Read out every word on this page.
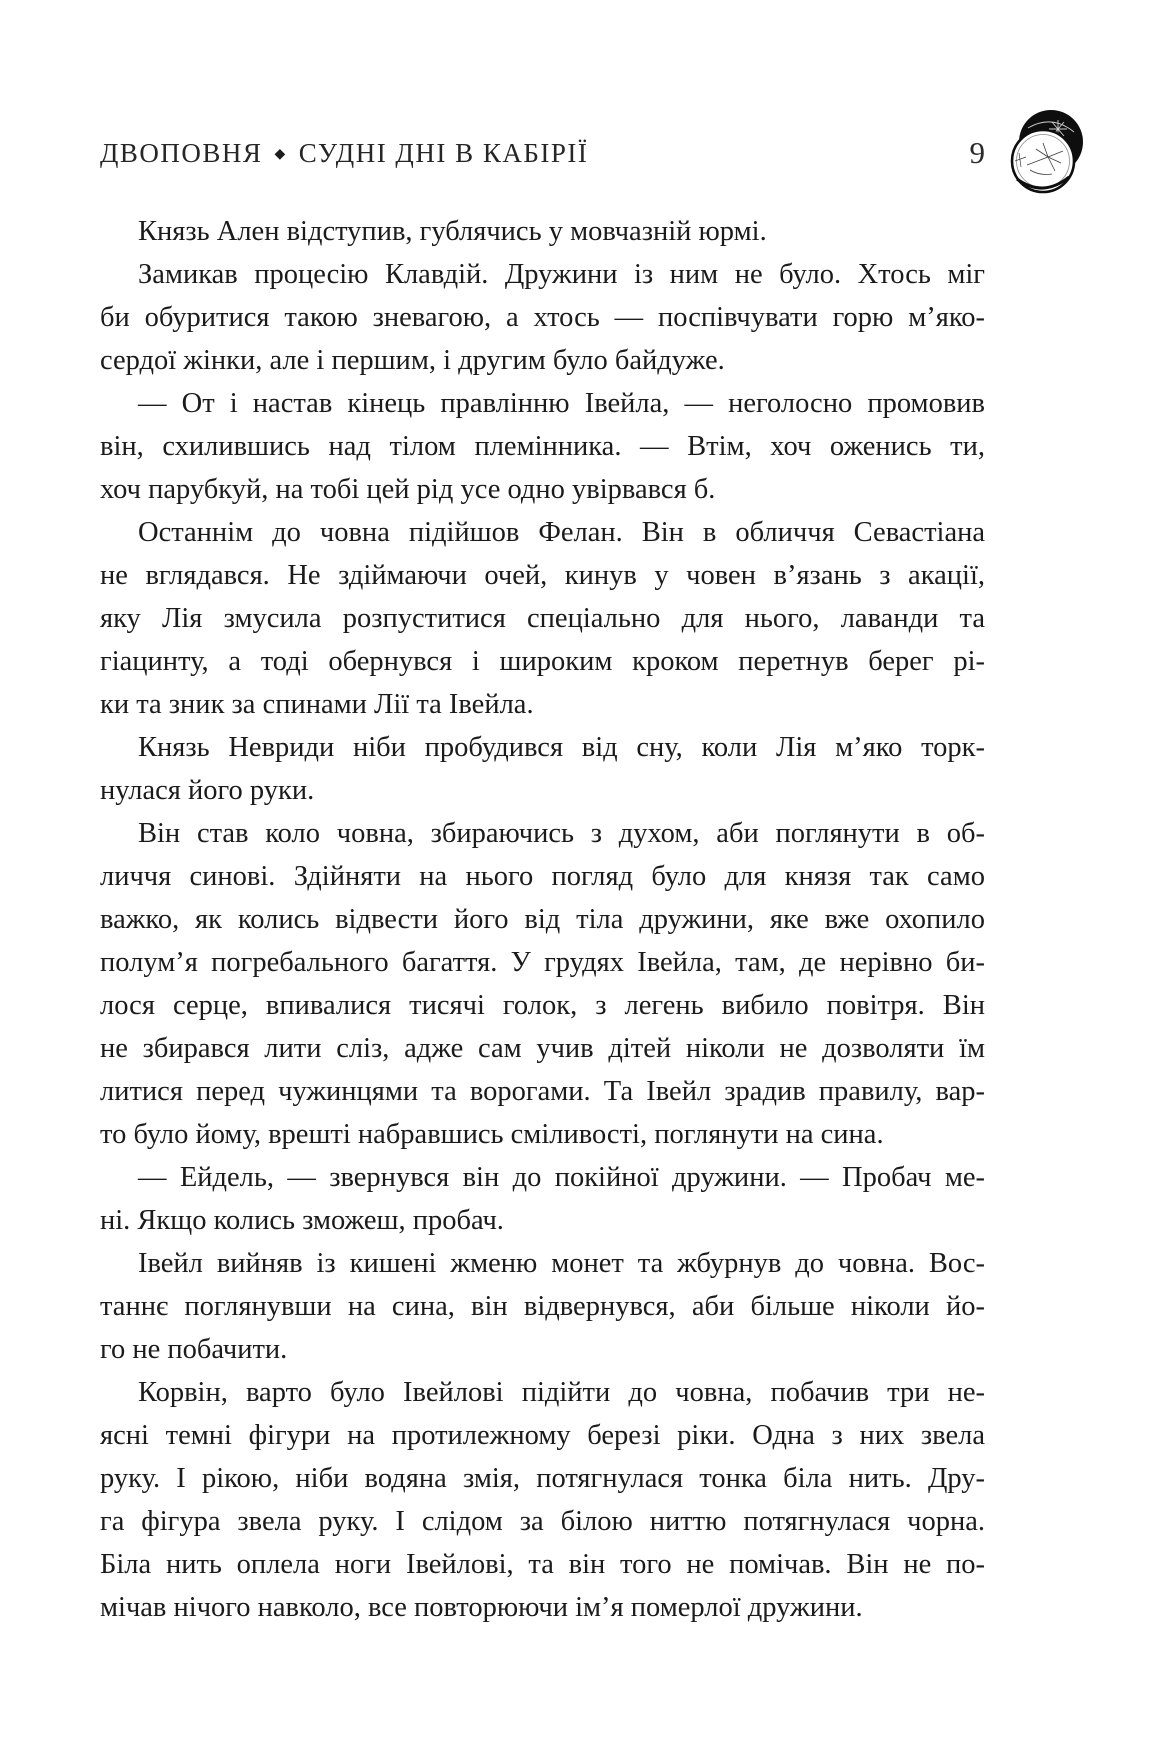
ДВОПОВНЯ ◆ СУДНІ ДНІ В КАБІРІЇ	9
Князь Ален відступив, гублячись у мовчазній юрмі.
Замикав процесію Клавдій. Дружини із ним не було. Хтось міг
би обуритися такою зневагою, а хтось — поспівчувати горю м’яко-
сердої жінки, але і першим, і другим було байдуже.
— От і настав кінець правлінню Івейла, — неголосно промовив
він, схилившись над тілом племінника. — Втім, хоч оженись ти,
хоч парубкуй, на тобі цей рід усе одно увірвався б.
Останнім до човна підійшов Фелан. Він в обличчя Севастіана
не вглядався. Не здіймаючи очей, кинув у човен в’язань з акації,
яку Лія змусила розпуститися спеціально для нього, лаванди та
гіацинту, а тоді обернувся і широким кроком перетнув берег рі-
ки та зник за спинами Лії та Івейла.
Князь Невриди ніби пробудився від сну, коли Лія м’яко торк-
нулася його руки.
Він став коло човна, збираючись з духом, аби поглянути в об-
личчя синові. Здійняти на нього погляд було для князя так само
важко, як колись відвести його від тіла дружини, яке вже охопило
полум’я погребального багаття. У грудях Івейла, там, де нерівно би-
лося серце, впивалися тисячі голок, з легень вибило повітря. Він
не збирався лити сліз, адже сам учив дітей ніколи не дозволяти їм
литися перед чужинцями та ворогами. Та Івейл зрадив правилу, вар-
то було йому, врешті набравшись сміливості, поглянути на сина.
— Ейдель, — звернувся він до покійної дружини. — Пробач ме-
ні. Якщо колись зможеш, пробач.
Івейл вийняв із кишені жменю монет та жбурнув до човна. Вос-
таннє поглянувши на сина, він відвернувся, аби більше ніколи йо-
го не побачити.
Корвін, варто було Івейлові підійти до човна, побачив три не-
ясні темні фігури на протилежному березі ріки. Одна з них звела
руку. І рікою, ніби водяна змія, потягнулася тонка біла нить. Дру-
га фігура звела руку. І слідом за білою ниттю потягнулася чорна.
Біла нить оплела ноги Івейлові, та він того не помічав. Він не по-
мічав нічого навколо, все повторюючи ім’я померлої дружини.
